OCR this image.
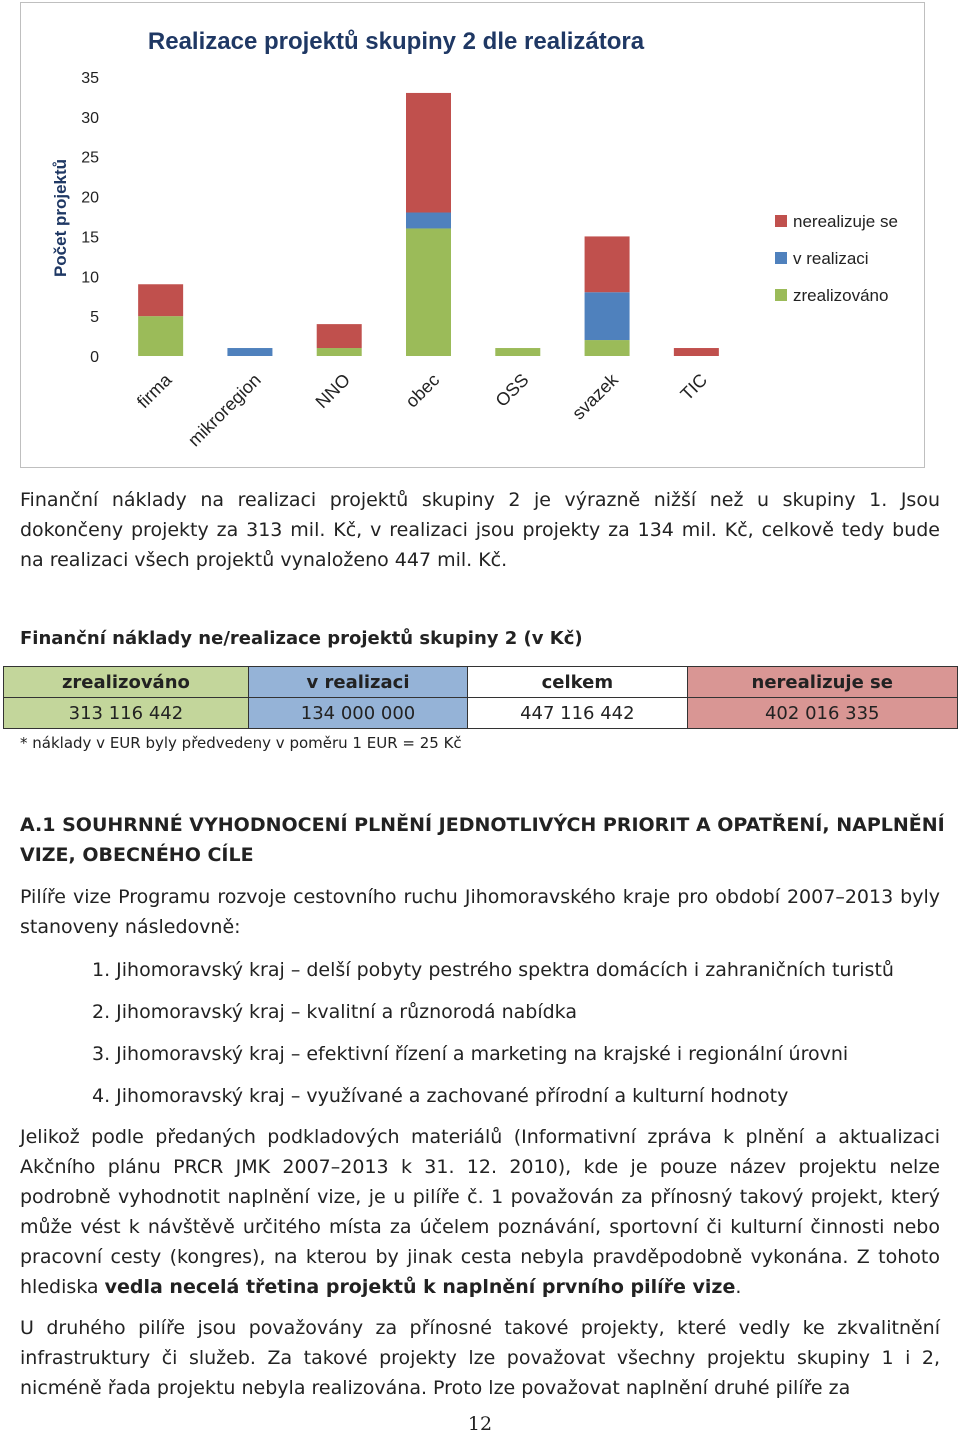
Realizace projektů skupiny 2 dle realizátora
Počet projektů
0
5
10
15
20
25
30
35
firma mikroregion	NNO	obec	OSS svazek	TIC
nerealizuje se
v realizaci
zrealizováno

Finanční náklady na realizaci projektů skupiny 2 je výrazně nižší než u skupiny 1. Jsou dokončeny projekty za 313 mil. Kč, v realizaci jsou projekty za 134 mil. Kč, celkově tedy bude na realizaci všech projektů vynaloženo 447 mil. Kč.

Finanční náklady ne/realizace projektů skupiny 2 (v Kč)

zrealizováno	v realizaci	celkem	nerealizuje se
313 116 442	134 000 000	447 116 442	402 016 335

* náklady v EUR byly předvedeny v poměru 1 EUR = 25 Kč

A.1 SOUHRNNÉ VYHODNOCENÍ PLNĚNÍ JEDNOTLIVÝCH PRIORIT A OPATŘENÍ, NAPLNĚNÍ VIZE, OBECNÉHO CÍLE

Pilíře vize Programu rozvoje cestovního ruchu Jihomoravského kraje pro období 2007–2013 byly stanoveny následovně:

1. Jihomoravský kraj – delší pobyty pestrého spektra domácích i zahraničních turistů
2. Jihomoravský kraj – kvalitní a různorodá nabídka
3. Jihomoravský kraj – efektivní řízení a marketing na krajské i regionální úrovni
4. Jihomoravský kraj – využívané a zachované přírodní a kulturní hodnoty

Jelikož podle předaných podkladových materiálů (Informativní zpráva k plnění a aktualizaci Akčního plánu PRCR JMK 2007–2013 k 31. 12. 2010), kde je pouze název projektu nelze podrobně vyhodnotit naplnění vize, je u pilíře č. 1 považován za přínosný takový projekt, který může vést k návštěvě určitého místa za účelem poznávání, sportovní či kulturní činnosti nebo pracovní cesty (kongres), na kterou by jinak cesta nebyla pravděpodobně vykonána. Z tohoto hlediska vedla necelá třetina projektů k naplnění prvního pilíře vize.

U druhého pilíře jsou považovány za přínosné takové projekty, které vedly ke zkvalitnění infrastruktury či služeb. Za takové projekty lze považovat všechny projektu skupiny 1 i 2, nicméně řada projektu nebyla realizována. Proto lze považovat naplnění druhé pilíře za

12
